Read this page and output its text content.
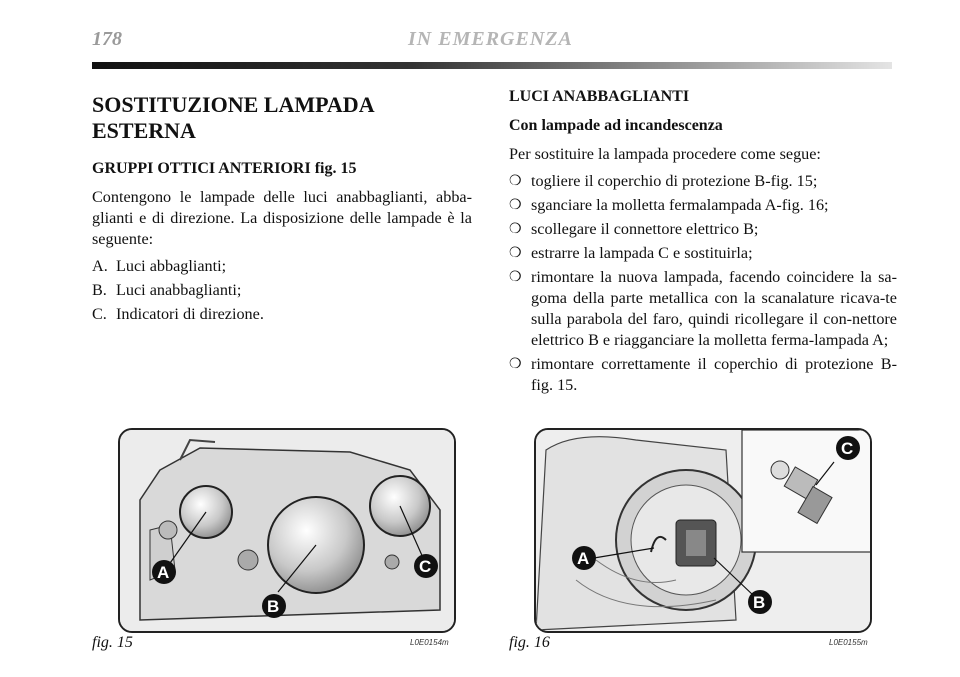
178	IN EMERGENZA
SOSTITUZIONE LAMPADA ESTERNA
GRUPPI OTTICI ANTERIORI fig. 15

Contengono le lampade delle luci anabbaglianti, abba-glianti e di direzione. La disposizione delle lampade è la seguente:

A. Luci abbaglianti;
B. Luci anabbaglianti;
C. Indicatori di direzione.
LUCI ANABBAGLIANTI
Con lampade ad incandescenza

Per sostituire la lampada procedere come segue:

❍ togliere il coperchio di protezione B-fig. 15;
❍ sganciare la molletta fermalampada A-fig. 16;
❍ scollegare il connettore elettrico B;
❍ estrarre la lampada C e sostituirla;
❍ rimontare la nuova lampada, facendo coincidere la sa-goma della parte metallica con la scanalature ricava-te sulla parabola del faro, quindi ricollegare il con-nettore elettrico B e riagganciare la molletta ferma-lampada A;
❍ rimontare correttamente il coperchio di protezione B-fig. 15.
A
B
C
fig. 15	L0E0154m
A
B
C
fig. 16	L0E0155m
